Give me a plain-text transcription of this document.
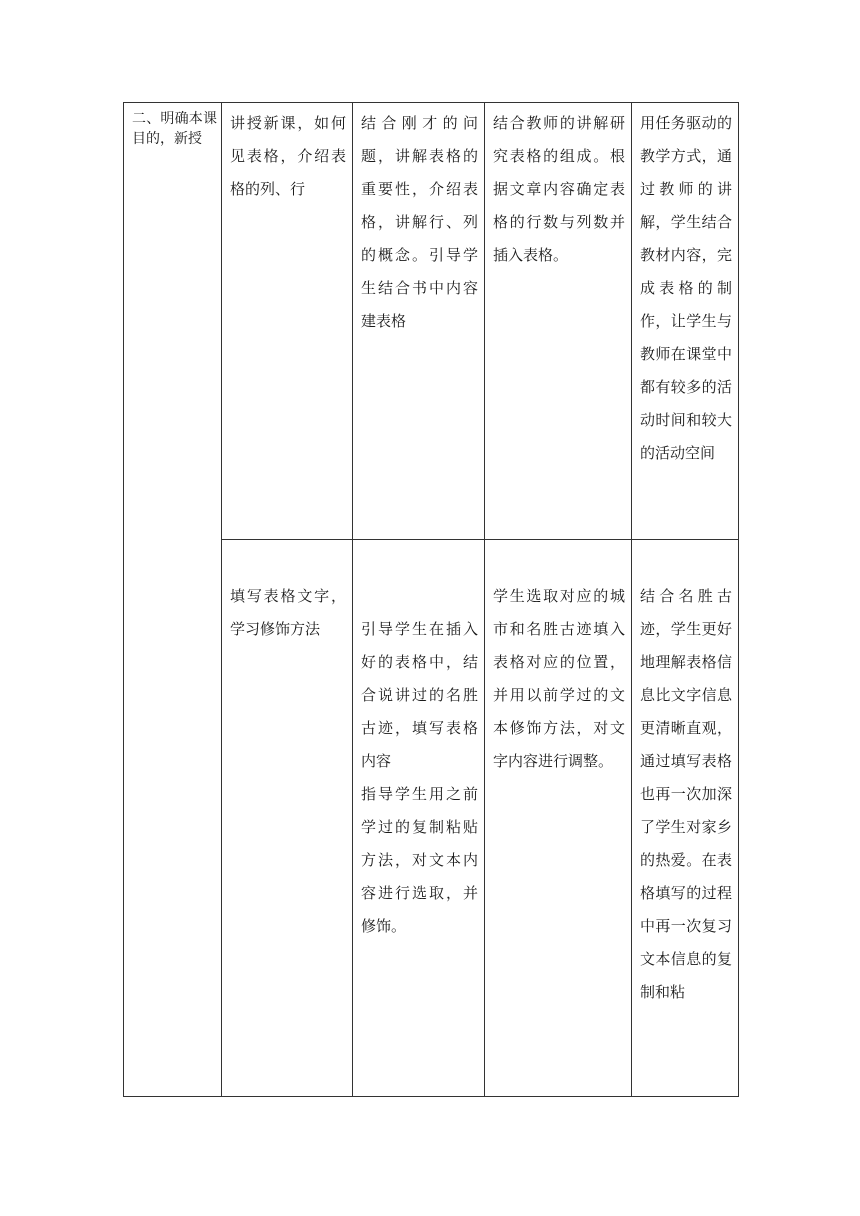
二、明确本课目的，新授	讲授新课，如何见表格，介绍表格的列、行	结合刚才的问题，讲解表格的重要性，介绍表格，讲解行、列的概念。引导学生结合书中内容建表格	结合教师的讲解研究表格的组成。根据文章内容确定表格的行数与列数并插入表格。	用任务驱动的教学方式，通过教师的讲解，学生结合教材内容，完成表格的制作，让学生与教师在课堂中都有较多的活动时间和较大的活动空间

	填写表格文字，学习修饰方法	引导学生在插入好的表格中，结合说讲过的名胜古迹，填写表格内容
指导学生用之前学过的复制粘贴方法，对文本内容进行选取，并修饰。	学生选取对应的城市和名胜古迹填入表格对应的位置，并用以前学过的文本修饰方法，对文字内容进行调整。	结合名胜古迹，学生更好地理解表格信息比文字信息更清晰直观，通过填写表格也再一次加深了学生对家乡的热爱。在表格填写的过程中再一次复习文本信息的复制和粘
